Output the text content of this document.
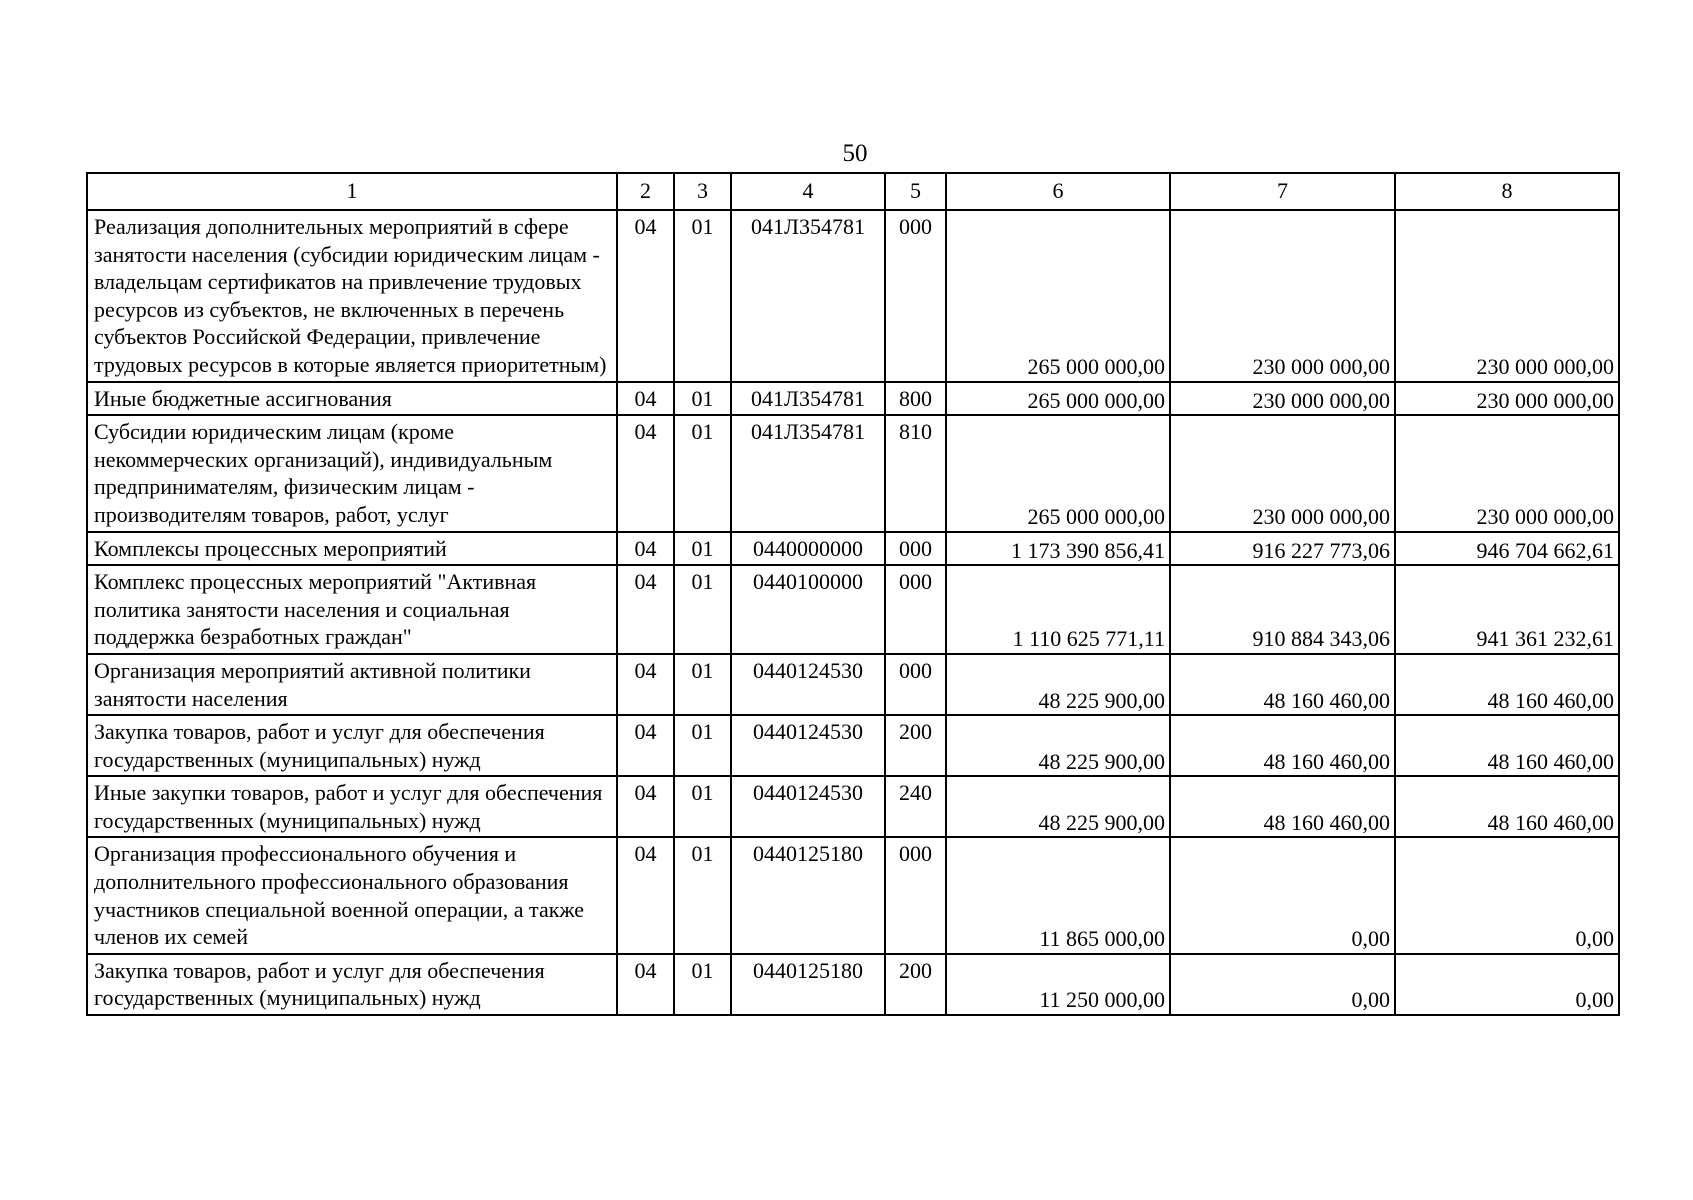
50
1	2	3	4	5	6	7	8
Реализация дополнительных мероприятий в сфере занятости населения (субсидии юридическим лицам - владельцам сертификатов на привлечение трудовых ресурсов из субъектов, не включенных в перечень субъектов Российской Федерации, привлечение трудовых ресурсов в которые является приоритетным)	04	01	041Л354781	000	265 000 000,00	230 000 000,00	230 000 000,00
Иные бюджетные ассигнования	04	01	041Л354781	800	265 000 000,00	230 000 000,00	230 000 000,00
Субсидии юридическим лицам (кроме некоммерческих организаций), индивидуальным предпринимателям, физическим лицам - производителям товаров, работ, услуг	04	01	041Л354781	810	265 000 000,00	230 000 000,00	230 000 000,00
Комплексы процессных мероприятий	04	01	0440000000	000	1 173 390 856,41	916 227 773,06	946 704 662,61
Комплекс процессных мероприятий "Активная политика занятости населения и социальная поддержка безработных граждан"	04	01	0440100000	000	1 110 625 771,11	910 884 343,06	941 361 232,61
Организация мероприятий активной политики занятости населения	04	01	0440124530	000	48 225 900,00	48 160 460,00	48 160 460,00
Закупка товаров, работ и услуг для обеспечения государственных (муниципальных) нужд	04	01	0440124530	200	48 225 900,00	48 160 460,00	48 160 460,00
Иные закупки товаров, работ и услуг для обеспечения государственных (муниципальных) нужд	04	01	0440124530	240	48 225 900,00	48 160 460,00	48 160 460,00
Организация профессионального обучения и дополнительного профессионального образования участников специальной военной операции, а также членов их семей	04	01	0440125180	000	11 865 000,00	0,00	0,00
Закупка товаров, работ и услуг для обеспечения государственных (муниципальных) нужд	04	01	0440125180	200	11 250 000,00	0,00	0,00
